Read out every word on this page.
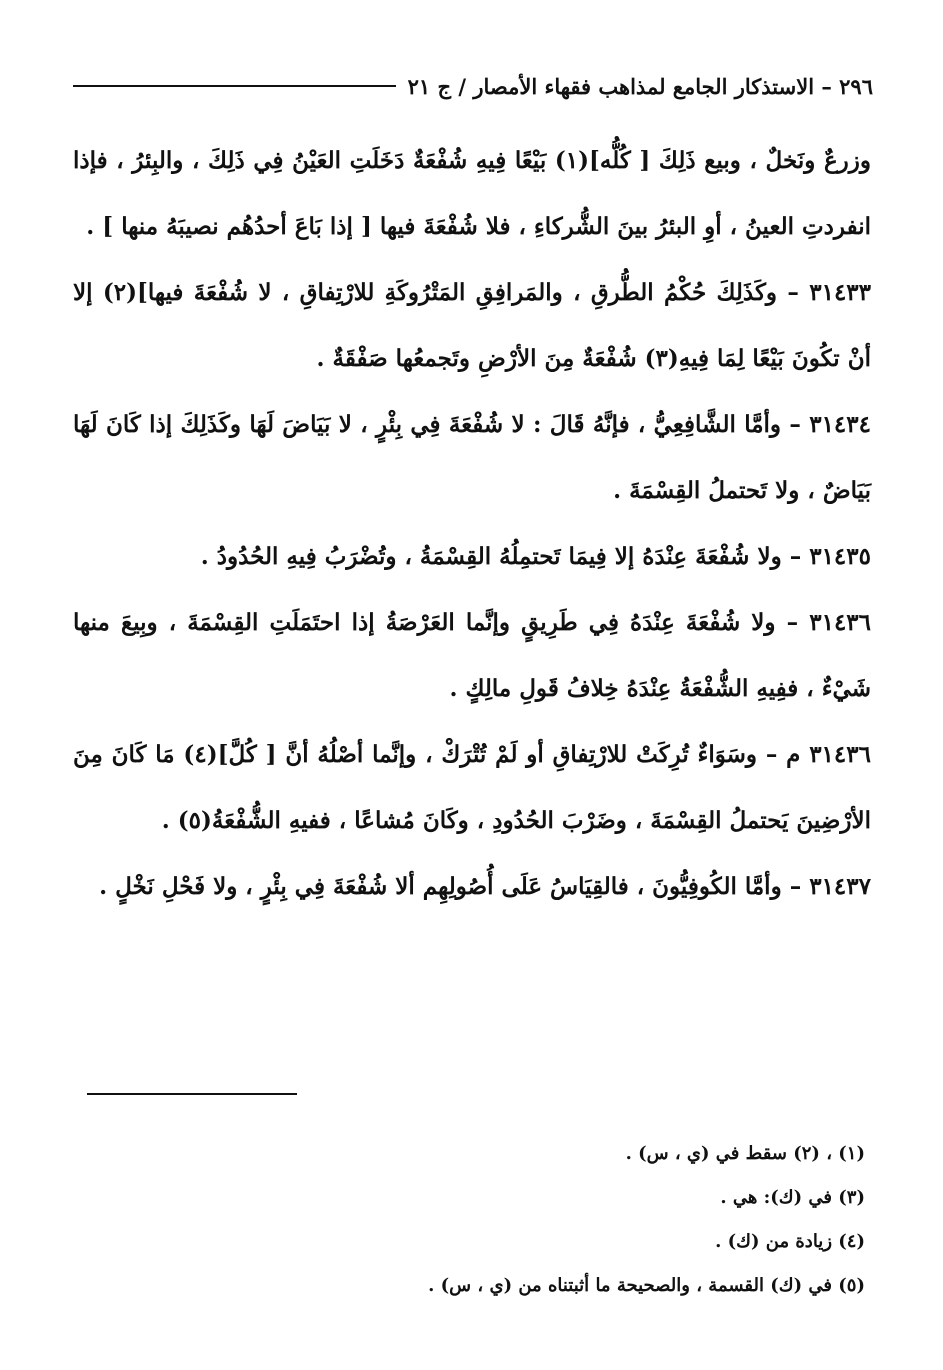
٢٩٦ – الاستذكار الجامع لمذاهب فقهاء الأمصار / ج ٢١

وزرعٌ ونَخلٌ ، وبيع ذَلِكَ [ كُلُّه](١) بَيْعًا فِيهِ شُفْعَةٌ دَخَلَتِ العَيْنُ فِي ذَلِكَ ، والبِئرُ ، فإذا انفردتِ العينُ ، أوِ البئرُ بينَ الشُّركاءِ ، فلا شُفْعَةَ فيها [ إذا بَاعَ أحدُهُم نصيبَهُ منها ] .

٣١٤٣٣ – وكَذَلِكَ حُكْمُ الطُّرقِ ، والمَرافِقِ المَتْرُوكَةِ للارْتِفاقِ ، لا شُفْعَةَ فيها](٢) إلا أنْ تكُونَ بَيْعًا لِمَا فِيهِ(٣) شُفْعَةٌ مِنَ الأرْضِ وتَجمعُها صَفْقَةٌ .

٣١٤٣٤ – وأمَّا الشَّافِعِيُّ ، فإنَّهُ قَالَ : لا شُفْعَةَ فِي بِئْرٍ ، لا بَيَاضَ لَهَا وكَذَلِكَ إذا كَانَ لَهَا بَيَاضٌ ، ولا تَحتملُ القِسْمَةَ .

٣١٤٣٥ – ولا شُفْعَةَ عِنْدَهُ إلا فِيمَا تَحتمِلُهُ القِسْمَةُ ، وتُضْرَبُ فِيهِ الحُدُودُ .

٣١٤٣٦ – ولا شُفْعَةَ عِنْدَهُ فِي طَرِيقٍ وإنَّما العَرْصَةُ إذا احتَمَلَتِ القِسْمَةَ ، وبِيعَ منها شَيْءٌ ، ففِيهِ الشُّفْعَةُ عِنْدَهُ خِلافُ قَولِ مالِكٍ .

٣١٤٣٦ م – وسَوَاءٌ تُرِكَتْ للارْتِفاقِ أو لَمْ تُتْرَكْ ، وإنَّما أصْلُهُ أنَّ [ كُلَّ](٤) مَا كَانَ مِنَ الأرْضِينَ يَحتملُ القِسْمَةَ ، وضَرْبَ الحُدُودِ ، وكَانَ مُشاعًا ، ففيهِ الشُّفْعَةُ(٥) .

٣١٤٣٧ – وأمَّا الكُوفِيُّونَ ، فالقِيَاسُ عَلَى أُصُولِهِم ألا شُفْعَةَ فِي بِئْرٍ ، ولا فَحْلِ نَخْلٍ .

(١) ، (٢) سقط في (ي ، س) .

(٣) في (ك): هي .

(٤) زيادة من (ك) .

(٥) في (ك) القسمة ، والصحيحة ما أثبتناه من (ي ، س) .
